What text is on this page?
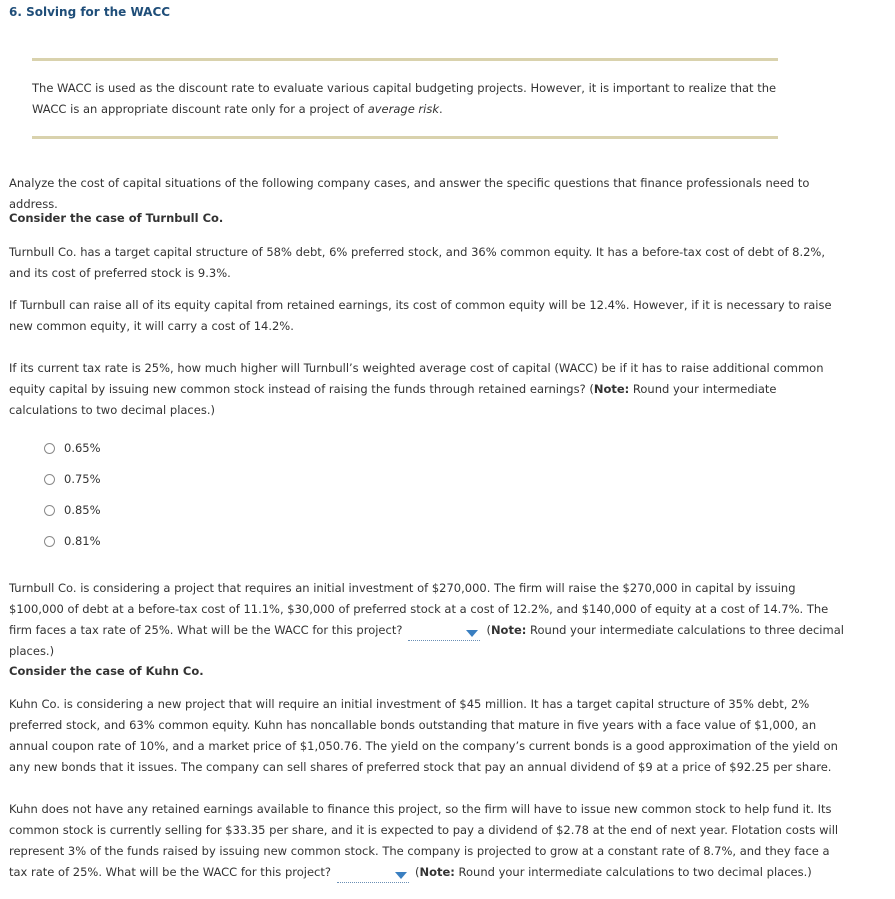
6. Solving for the WACC
The WACC is used as the discount rate to evaluate various capital budgeting projects. However, it is important to realize that the WACC is an appropriate discount rate only for a project of average risk.
Analyze the cost of capital situations of the following company cases, and answer the specific questions that finance professionals need to address.
Consider the case of Turnbull Co.
Turnbull Co. has a target capital structure of 58% debt, 6% preferred stock, and 36% common equity. It has a before-tax cost of debt of 8.2%, and its cost of preferred stock is 9.3%.
If Turnbull can raise all of its equity capital from retained earnings, its cost of common equity will be 12.4%. However, if it is necessary to raise new common equity, it will carry a cost of 14.2%.
If its current tax rate is 25%, how much higher will Turnbull’s weighted average cost of capital (WACC) be if it has to raise additional common equity capital by issuing new common stock instead of raising the funds through retained earnings? (Note: Round your intermediate calculations to two decimal places.)
0.65%
0.75%
0.85%
0.81%
Turnbull Co. is considering a project that requires an initial investment of $270,000. The firm will raise the $270,000 in capital by issuing $100,000 of debt at a before-tax cost of 11.1%, $30,000 of preferred stock at a cost of 12.2%, and $140,000 of equity at a cost of 14.7%. The firm faces a tax rate of 25%. What will be the WACC for this project?	(Note: Round your intermediate calculations to three decimal places.)
Consider the case of Kuhn Co.
Kuhn Co. is considering a new project that will require an initial investment of $45 million. It has a target capital structure of 35% debt, 2% preferred stock, and 63% common equity. Kuhn has noncallable bonds outstanding that mature in five years with a face value of $1,000, an annual coupon rate of 10%, and a market price of $1,050.76. The yield on the company’s current bonds is a good approximation of the yield on any new bonds that it issues. The company can sell shares of preferred stock that pay an annual dividend of $9 at a price of $92.25 per share.
Kuhn does not have any retained earnings available to finance this project, so the firm will have to issue new common stock to help fund it. Its common stock is currently selling for $33.35 per share, and it is expected to pay a dividend of $2.78 at the end of next year. Flotation costs will represent 3% of the funds raised by issuing new common stock. The company is projected to grow at a constant rate of 8.7%, and they face a tax rate of 25%. What will be the WACC for this project?	(Note: Round your intermediate calculations to two decimal places.)
